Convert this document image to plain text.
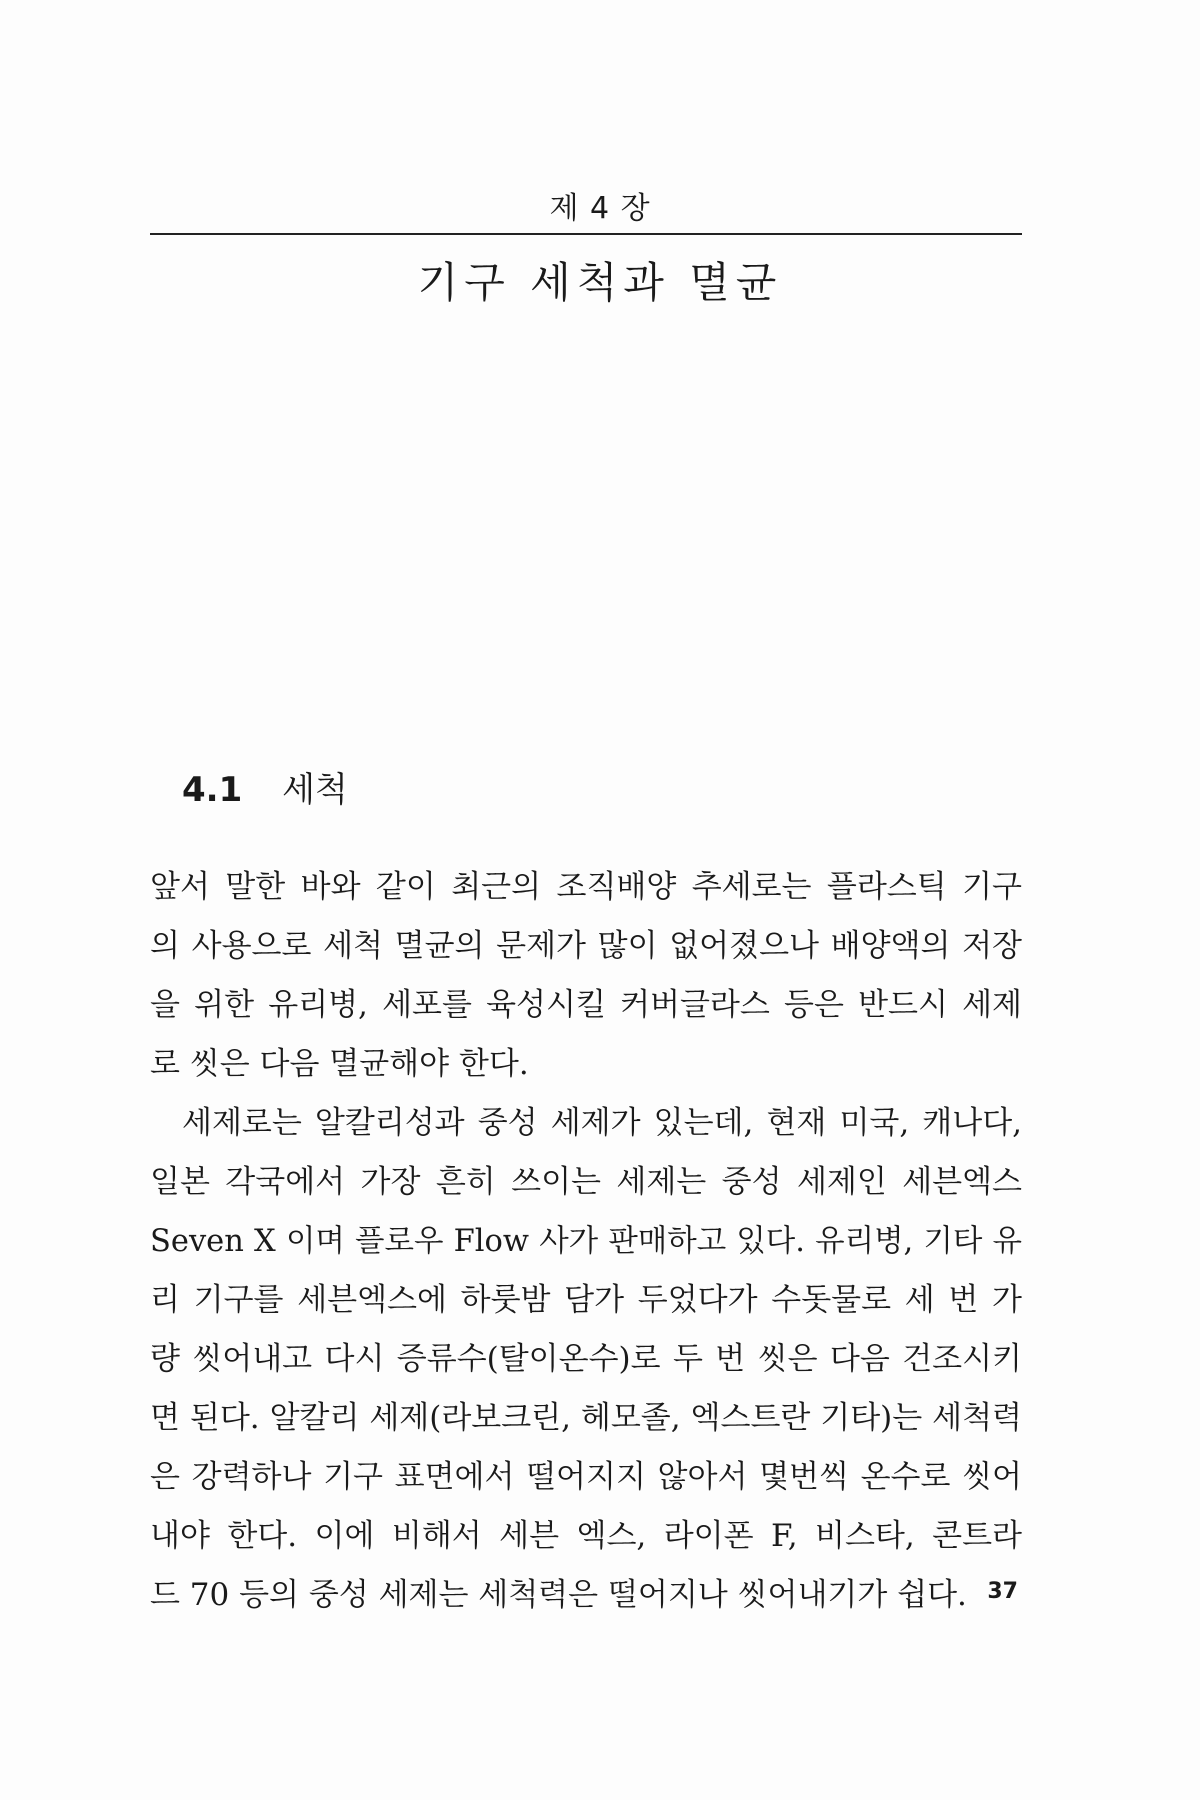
제 4 장
기구 세척과 멸균
4.1 세척
앞서 말한 바와 같이 최근의 조직배양 추세로는 플라스틱 기구
의 사용으로 세척 멸균의 문제가 많이 없어졌으나 배양액의 저장
을 위한 유리병, 세포를 육성시킬 커버글라스 등은 반드시 세제
로 씻은 다음 멸균해야 한다.
세제로는 알칼리성과 중성 세제가 있는데, 현재 미국, 캐나다,
일본 각국에서 가장 흔히 쓰이는 세제는 중성 세제인 세븐엑스
Seven X 이며 플로우 Flow 사가 판매하고 있다. 유리병, 기타 유
리 기구를 세븐엑스에 하룻밤 담가 두었다가 수돗물로 세 번 가
량 씻어내고 다시 증류수(탈이온수)로 두 번 씻은 다음 건조시키
면 된다. 알칼리 세제(라보크린, 헤모졸, 엑스트란 기타)는 세척력
은 강력하나 기구 표면에서 떨어지지 않아서 몇번씩 온수로 씻어
내야 한다. 이에 비해서 세븐 엑스, 라이폰 F, 비스타, 콘트라
드 70 등의 중성 세제는 세척력은 떨어지나 씻어내기가 쉽다. 37
